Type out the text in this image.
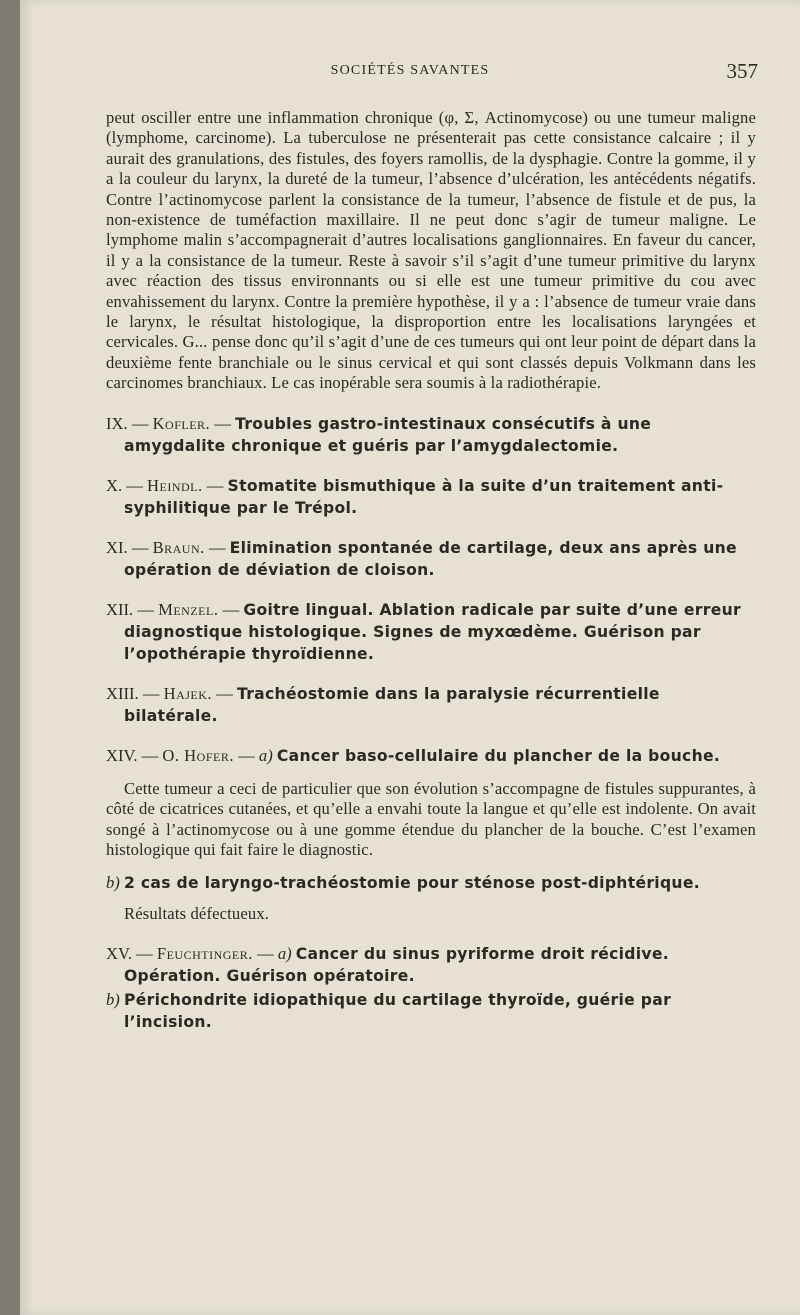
SOCIÉTÉS SAVANTES	357

peut osciller entre une inflammation chronique (φ, Σ, Actinomycose) ou une tumeur maligne (lymphome, carcinome). La tuberculose ne présenterait pas cette consistance calcaire ; il y aurait des granulations, des fistules, des foyers ramollis, de la dysphagie. Contre la gomme, il y a la couleur du larynx, la dureté de la tumeur, l’absence d’ulcération, les antécédents négatifs. Contre l’actinomycose parlent la consistance de la tumeur, l’absence de fistule et de pus, la non-existence de tuméfaction maxillaire. Il ne peut donc s’agir de tumeur maligne. Le lymphome malin s’accompagnerait d’autres localisations ganglionnaires. En faveur du cancer, il y a la consistance de la tumeur. Reste à savoir s’il s’agit d’une tumeur primitive du larynx avec réaction des tissus environnants ou si elle est une tumeur primitive du cou avec envahissement du larynx. Contre la première hypothèse, il y a : l’absence de tumeur vraie dans le larynx, le résultat histologique, la disproportion entre les localisations laryngées et cervicales. G... pense donc qu’il s’agit d’une de ces tumeurs qui ont leur point de départ dans la deuxième fente branchiale ou le sinus cervical et qui sont classés depuis Volkmann dans les carcinomes branchiaux. Le cas inopérable sera soumis à la radiothérapie.

IX. — Kofler. — Troubles gastro-intestinaux consécutifs à une amygdalite chronique et guéris par l’amygdalectomie.

X. — Heindl. — Stomatite bismuthique à la suite d’un traitement anti-syphilitique par le Trépol.

XI. — Braun. — Elimination spontanée de cartilage, deux ans après une opération de déviation de cloison.

XII. — Menzel. — Goitre lingual. Ablation radicale par suite d’une erreur diagnostique histologique. Signes de myxœdème. Guérison par l’opothérapie thyroïdienne.

XIII. — Hajek. — Trachéostomie dans la paralysie récurrentielle bilatérale.

XIV. — O. Hofer. — a) Cancer baso-cellulaire du plancher de la bouche.

Cette tumeur a ceci de particulier que son évolution s’accompagne de fistules suppurantes, à côté de cicatrices cutanées, et qu’elle a envahi toute la langue et qu’elle est indolente. On avait songé à l’actinomycose ou à une gomme étendue du plancher de la bouche. C’est l’examen histologique qui fait faire le diagnostic.

b) 2 cas de laryngo-trachéostomie pour sténose post-diphtérique.

Résultats défectueux.

XV. — Feuchtinger. — a) Cancer du sinus pyriforme droit récidive. Opération. Guérison opératoire.

b) Périchondrite idiopathique du cartilage thyroïde, guérie par l’incision.
